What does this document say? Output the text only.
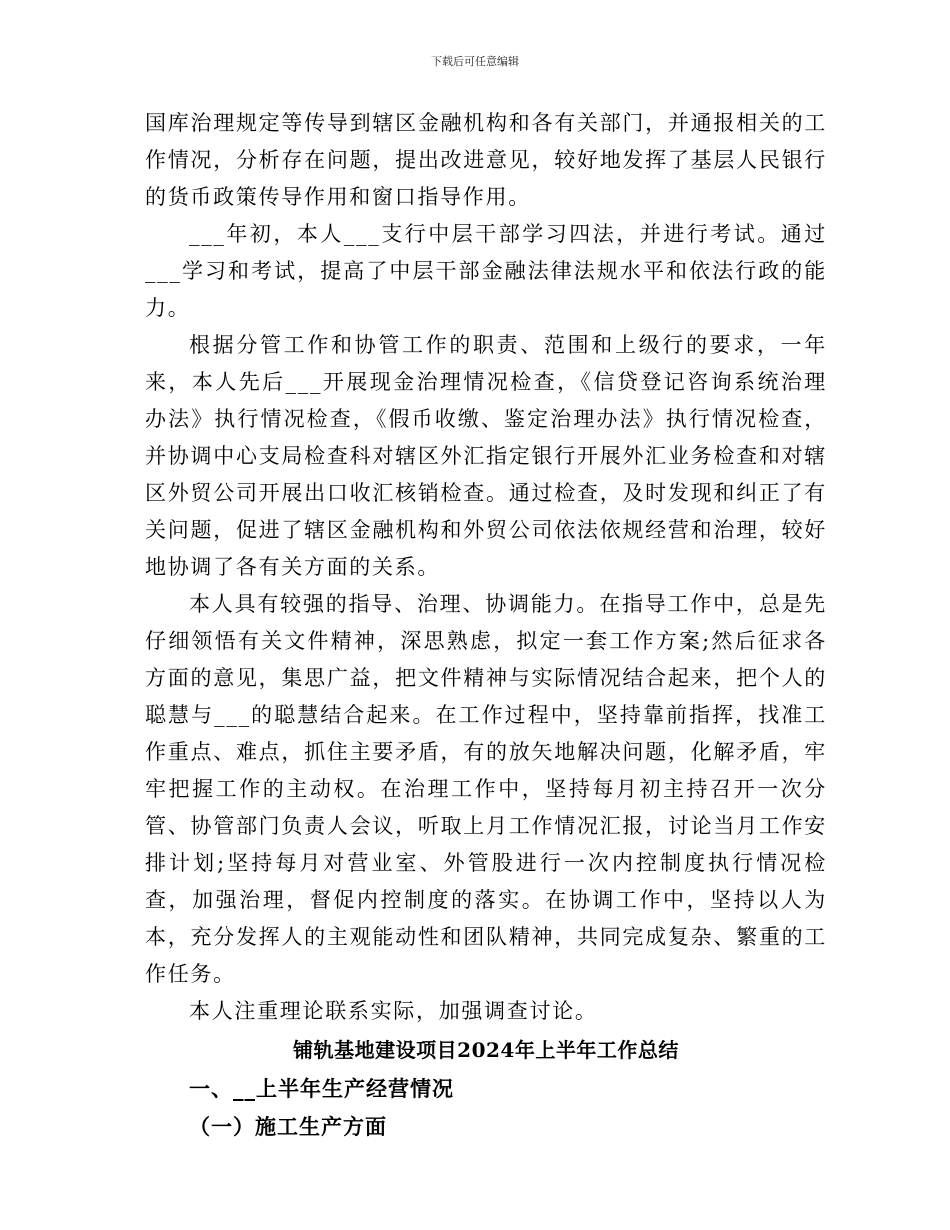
下载后可任意编辑

国库治理规定等传导到辖区金融机构和各有关部门，并通报相关的工作情况，分析存在问题，提出改进意见，较好地发挥了基层人民银行的货币政策传导作用和窗口指导作用。

___年初，本人___支行中层干部学习四法，并进行考试。通过___学习和考试，提高了中层干部金融法律法规水平和依法行政的能力。

根据分管工作和协管工作的职责、范围和上级行的要求，一年来，本人先后___开展现金治理情况检查，《信贷登记咨询系统治理办法》执行情况检查，《假币收缴、鉴定治理办法》执行情况检查，并协调中心支局检查科对辖区外汇指定银行开展外汇业务检查和对辖区外贸公司开展出口收汇核销检查。通过检查，及时发现和纠正了有关问题，促进了辖区金融机构和外贸公司依法依规经营和治理，较好地协调了各有关方面的关系。

本人具有较强的指导、治理、协调能力。在指导工作中，总是先仔细领悟有关文件精神，深思熟虑，拟定一套工作方案;然后征求各方面的意见，集思广益，把文件精神与实际情况结合起来，把个人的聪慧与___的聪慧结合起来。在工作过程中，坚持靠前指挥，找准工作重点、难点，抓住主要矛盾，有的放矢地解决问题，化解矛盾，牢牢把握工作的主动权。在治理工作中，坚持每月初主持召开一次分管、协管部门负责人会议，听取上月工作情况汇报，讨论当月工作安排计划;坚持每月对营业室、外管股进行一次内控制度执行情况检查，加强治理，督促内控制度的落实。在协调工作中，坚持以人为本，充分发挥人的主观能动性和团队精神，共同完成复杂、繁重的工作任务。

本人注重理论联系实际，加强调查讨论。

铺轨基地建设项目2024年上半年工作总结
一、__上半年生产经营情况
（一）施工生产方面
